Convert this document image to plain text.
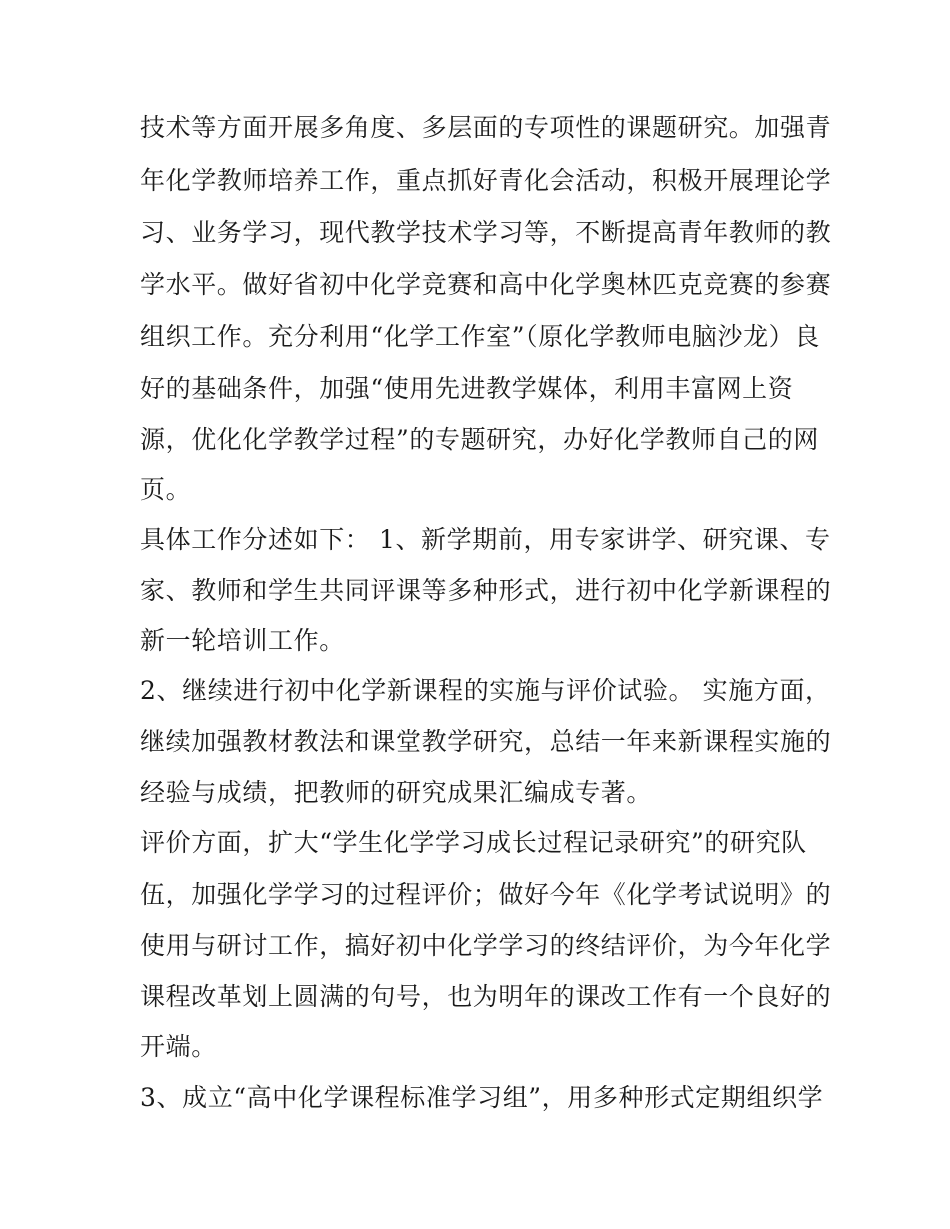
技术等方面开展多角度、多层面的专项性的课题研究。加强青
年化学教师培养工作，重点抓好青化会活动，积极开展理论学
习、业务学习，现代教学技术学习等，不断提高青年教师的教
学水平。做好省初中化学竞赛和高中化学奥林匹克竞赛的参赛
组织工作。充分利用“化学工作室”（原化学教师电脑沙龙）良
好的基础条件，加强“使用先进教学媒体，利用丰富网上资
源，优化化学教学过程”的专题研究，办好化学教师自己的网
页。
具体工作分述如下： 1、新学期前，用专家讲学、研究课、专
家、教师和学生共同评课等多种形式，进行初中化学新课程的
新一轮培训工作。
2、继续进行初中化学新课程的实施与评价试验。 实施方面，
继续加强教材教法和课堂教学研究，总结一年来新课程实施的
经验与成绩，把教师的研究成果汇编成专著。
评价方面，扩大“学生化学学习成长过程记录研究”的研究队
伍，加强化学学习的过程评价；做好今年《化学考试说明》的
使用与研讨工作，搞好初中化学学习的终结评价，为今年化学
课程改革划上圆满的句号，也为明年的课改工作有一个良好的
开端。
3、成立“高中化学课程标准学习组”，用多种形式定期组织学
